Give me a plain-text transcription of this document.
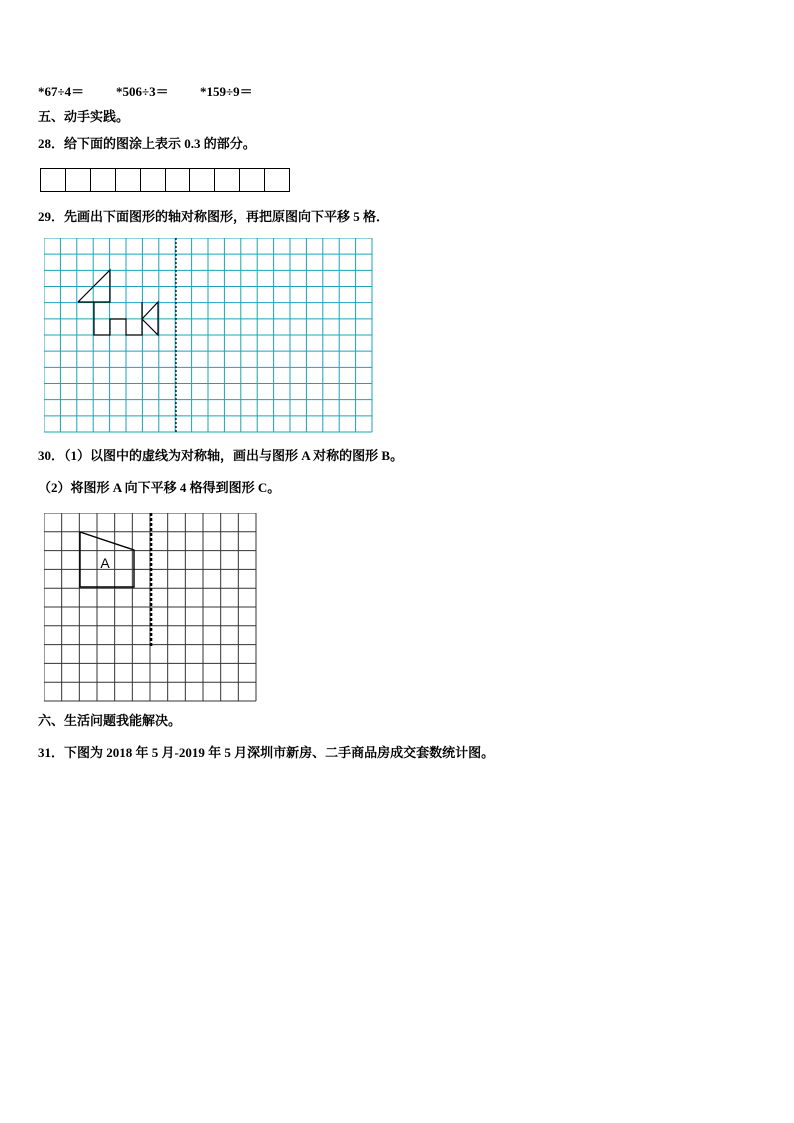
*67÷4＝ *506÷3＝ *159÷9＝
五、动手实践。
28．给下面的图涂上表示 0.3 的部分。
29．先画出下面图形的轴对称图形，再把原图向下平移 5 格．
30．（1）以图中的虚线为对称轴，画出与图形 A 对称的图形 B。
（2）将图形 A 向下平移 4 格得到图形 C。
A
六、生活问题我能解决。
31．下图为 2018 年 5 月-2019 年 5 月深圳市新房、二手商品房成交套数统计图。
